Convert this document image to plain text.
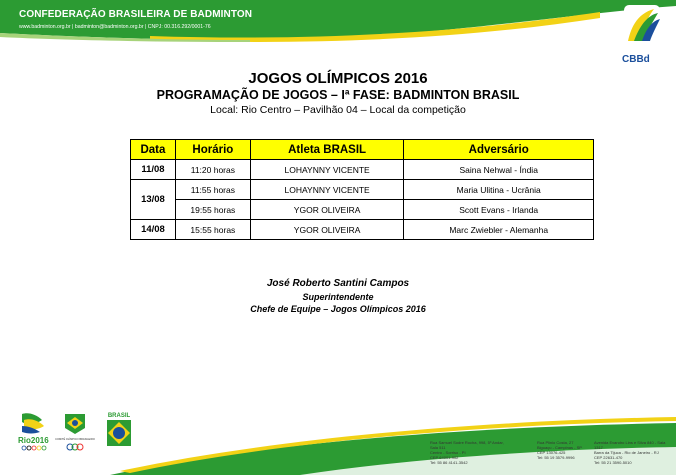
CONFEDERAÇÃO BRASILEIRA DE BADMINTON
www.badminton.org.br | badminton@badminton.org.br | CNPJ: 00.316.292/0001-76
CBBd
JOGOS OLÍMPICOS 2016
PROGRAMAÇÃO DE JOGOS – Iª FASE: BADMINTON BRASIL
Local: Rio Centro – Pavilhão 04 – Local da competição
Data	Horário	Atleta BRASIL	Adversário
11/08	11:20 horas	LOHAYNNY VICENTE	Saina Nehwal - Índia
13/08	11:55 horas	LOHAYNNY VICENTE	Maria Ulitina - Ucrânia
	19:55 horas	YGOR OLIVEIRA	Scott Evans - Irlanda
14/08	15:55 horas	YGOR OLIVEIRA	Marc Zwiebler - Alemanha
José Roberto Santini Campos
Superintendente
Chefe de Equipe – Jogos Olímpicos 2016
Rio2016 COMITÊ OLÍMPICO BRASILEIRO
BRASIL
Rua Samuel Sodre Rocha, 998, 5º Andar, Sala 511
Centro - Sorriso - PI
CEP 64001-902
Tel: 55 86 4141-3542
Rua Plinio Costa, 27
Biguaçu - Campinas - SP
CEP 13076-425
Tel: 55 19 3579-9996
Avenida Evandro Lins e Silva 840 - Sala 1317
Barra da Tijuca - Rio de Janeiro - RJ
CEP 22631-470
Tel: 55 21 3590-5010
